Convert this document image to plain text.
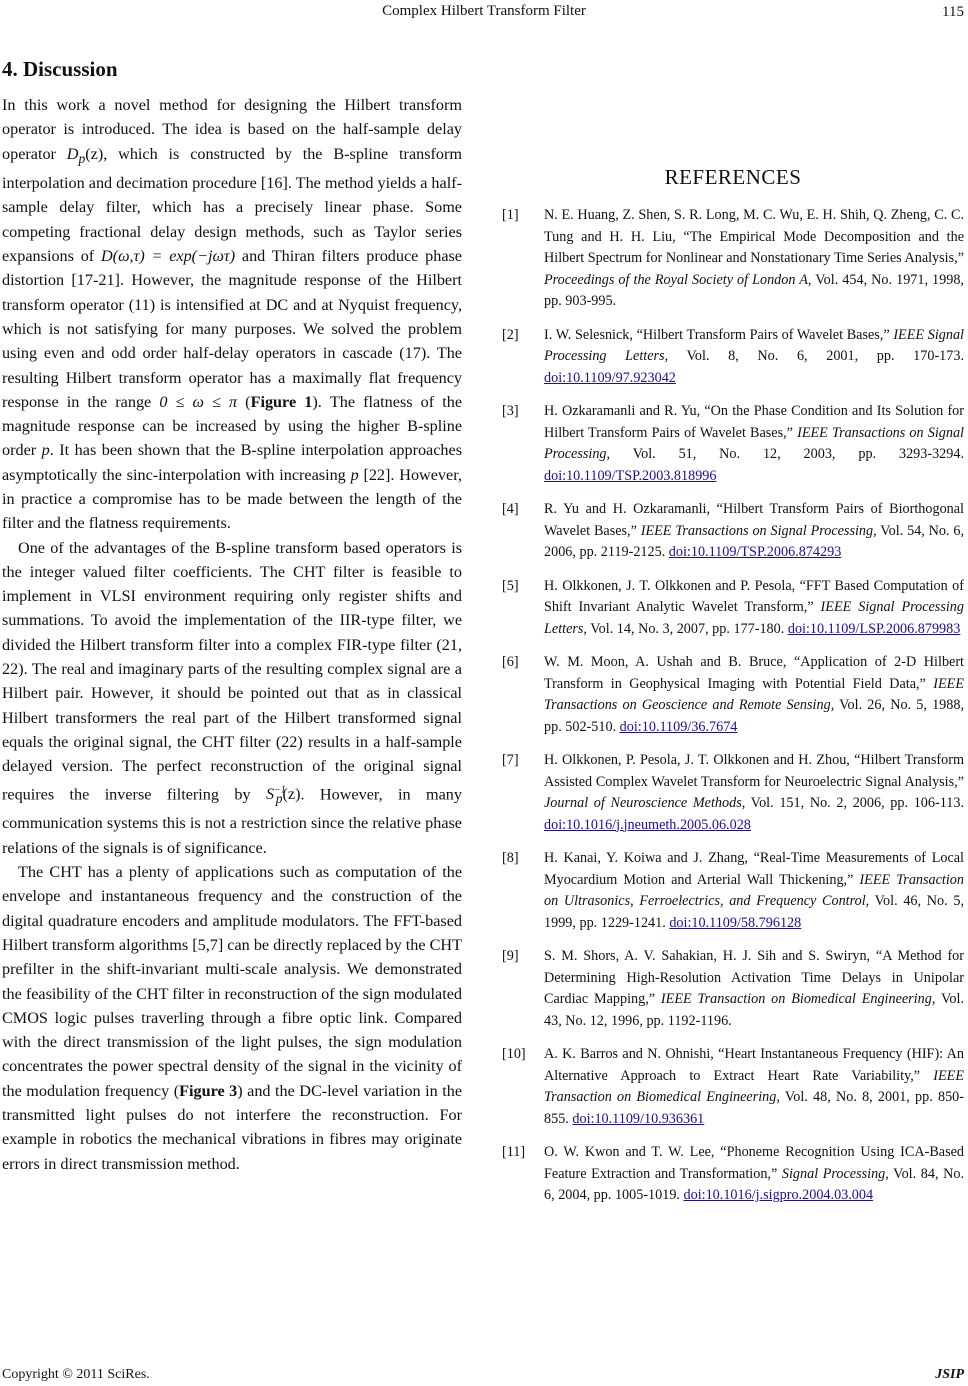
Complex Hilbert Transform Filter	115
4. Discussion

In this work a novel method for designing the Hilbert transform operator is introduced. The idea is based on the half-sample delay operator $D_p(z)$, which is constructed by the B-spline transform interpolation and decimation procedure [16]. The method yields a half-sample delay filter, which has a precisely linear phase. Some competing fractional delay design methods, such as Taylor series expansions of D(ω,τ) = exp(−jωτ) and Thiran filters produce phase distortion [17-21]. However, the magnitude response of the Hilbert transform operator (11) is intensified at DC and at Nyquist frequency, which is not satisfying for many purposes. We solved the problem using even and odd order half-delay operators in cascade (17). The resulting Hilbert transform operator has a maximally flat frequency response in the range 0 ≤ ω ≤ π (Figure 1). The flatness of the magnitude response can be increased by using the higher B-spline order p. It has been shown that the B-spline interpolation approaches asymptotically the sinc-interpolation with increasing p [22]. However, in practice a compromise has to be made between the length of the filter and the flatness requirements.

One of the advantages of the B-spline transform based operators is the integer valued filter coefficients. The CHT filter is feasible to implement in VLSI environment requiring only register shifts and summations. To avoid the implementation of the IIR-type filter, we divided the Hilbert transform filter into a complex FIR-type filter (21, 22). The real and imaginary parts of the resulting complex signal are a Hilbert pair. However, it should be pointed out that as in classical Hilbert transformers the real part of the Hilbert transformed signal equals the original signal, the CHT filter (22) results in a half-sample delayed version. The perfect reconstruction of the original signal requires the inverse filtering by $S^{-1}_p(z)$. However, in many communication systems this is not a restriction since the relative phase relations of the signals is of significance.

The CHT has a plenty of applications such as computation of the envelope and instantaneous frequency and the construction of the digital quadrature encoders and amplitude modulators. The FFT-based Hilbert transform algorithms [5,7] can be directly replaced by the CHT prefilter in the shift-invariant multi-scale analysis. We demonstrated the feasibility of the CHT filter in reconstruction of the sign modulated CMOS logic pulses traverling through a fibre optic link. Compared with the direct transmission of the light pulses, the sign modulation concentrates the power spectral density of the signal in the vicinity of the modulation frequency (Figure 3) and the DC-level variation in the transmitted light pulses do not interfere the reconstruction. For example in robotics the mechanical vibrations in fibres may originate errors in direct transmission method.

REFERENCES
[1] N. E. Huang, Z. Shen, S. R. Long, M. C. Wu, E. H. Shih, Q. Zheng, C. C. Tung and H. H. Liu, “The Empirical Mode Decomposition and the Hilbert Spectrum for Nonlinear and Nonstationary Time Series Analysis,” Proceedings of the Royal Society of London A, Vol. 454, No. 1971, 1998, pp. 903-995.
[2] I. W. Selesnick, “Hilbert Transform Pairs of Wavelet Bases,” IEEE Signal Processing Letters, Vol. 8, No. 6, 2001, pp. 170-173. doi:10.1109/97.923042
[3] H. Ozkaramanli and R. Yu, “On the Phase Condition and Its Solution for Hilbert Transform Pairs of Wavelet Bases,” IEEE Transactions on Signal Processing, Vol. 51, No. 12, 2003, pp. 3293-3294. doi:10.1109/TSP.2003.818996
[4] R. Yu and H. Ozkaramanli, “Hilbert Transform Pairs of Biorthogonal Wavelet Bases,” IEEE Transactions on Signal Processing, Vol. 54, No. 6, 2006, pp. 2119-2125. doi:10.1109/TSP.2006.874293
[5] H. Olkkonen, J. T. Olkkonen and P. Pesola, “FFT Based Computation of Shift Invariant Analytic Wavelet Transform,” IEEE Signal Processing Letters, Vol. 14, No. 3, 2007, pp. 177-180. doi:10.1109/LSP.2006.879983
[6] W. M. Moon, A. Ushah and B. Bruce, “Application of 2-D Hilbert Transform in Geophysical Imaging with Potential Field Data,” IEEE Transactions on Geoscience and Remote Sensing, Vol. 26, No. 5, 1988, pp. 502-510. doi:10.1109/36.7674
[7] H. Olkkonen, P. Pesola, J. T. Olkkonen and H. Zhou, “Hilbert Transform Assisted Complex Wavelet Transform for Neuroelectric Signal Analysis,” Journal of Neuroscience Methods, Vol. 151, No. 2, 2006, pp. 106-113. doi:10.1016/j.jneumeth.2005.06.028
[8] H. Kanai, Y. Koiwa and J. Zhang, “Real-Time Measurements of Local Myocardium Motion and Arterial Wall Thickening,” IEEE Transaction on Ultrasonics, Ferroelectrics, and Frequency Control, Vol. 46, No. 5, 1999, pp. 1229-1241. doi:10.1109/58.796128
[9] S. M. Shors, A. V. Sahakian, H. J. Sih and S. Swiryn, “A Method for Determining High-Resolution Activation Time Delays in Unipolar Cardiac Mapping,” IEEE Transaction on Biomedical Engineering, Vol. 43, No. 12, 1996, pp. 1192-1196.
[10] A. K. Barros and N. Ohnishi, “Heart Instantaneous Frequency (HIF): An Alternative Approach to Extract Heart Rate Variability,” IEEE Transaction on Biomedical Engineering, Vol. 48, No. 8, 2001, pp. 850-855. doi:10.1109/10.936361
[11] O. W. Kwon and T. W. Lee, “Phoneme Recognition Using ICA-Based Feature Extraction and Transformation,” Signal Processing, Vol. 84, No. 6, 2004, pp. 1005-1019. doi:10.1016/j.sigpro.2004.03.004
Copyright © 2011 SciRes.	JSIP
